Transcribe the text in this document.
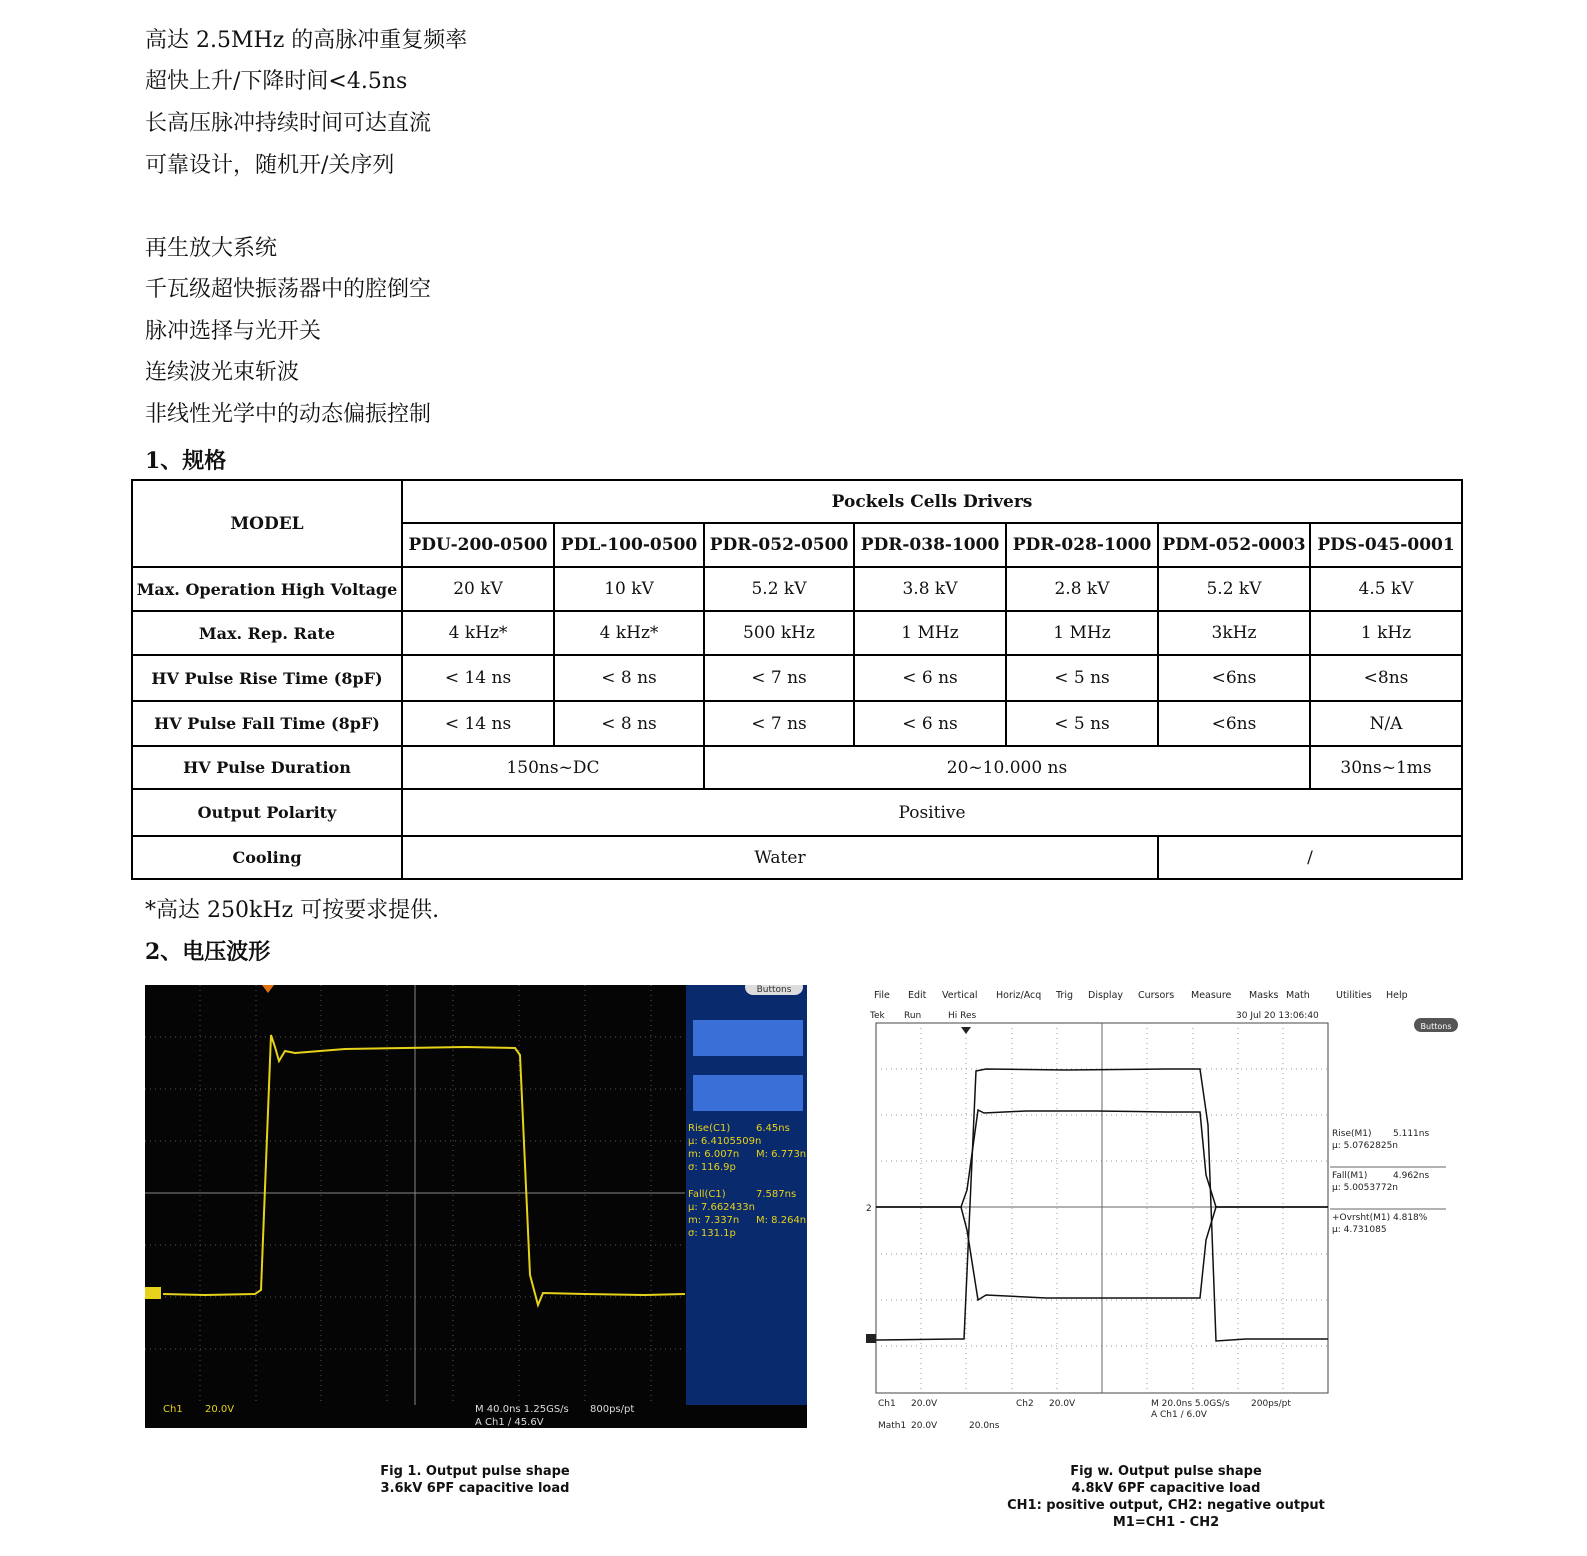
高达 2.5MHz 的高脉冲重复频率
超快上升/下降时间<4.5ns
长高压脉冲持续时间可达直流
可靠设计，随机开/关序列
再生放大系统
千瓦级超快振荡器中的腔倒空
脉冲选择与光开关
连续波光束斩波
非线性光学中的动态偏振控制
1、规格
MODEL	Pockels Cells Drivers						
	PDU-200-0500	PDL-100-0500	PDR-052-0500	PDR-038-1000	PDR-028-1000	PDM-052-0003	PDS-045-0001
Max. Operation High Voltage	20 kV	10 kV	5.2 kV	3.8 kV	2.8 kV	5.2 kV	4.5 kV
Max. Rep. Rate	4 kHz*	4 kHz*	500 kHz	1 MHz	1 MHz	3kHz	1 kHz
HV Pulse Rise Time (8pF)	< 14 ns	< 8 ns	< 7 ns	< 6 ns	< 5 ns	<6ns	<8ns
HV Pulse Fall Time (8pF)	< 14 ns	< 8 ns	< 7 ns	< 6 ns	< 5 ns	<6ns	N/A
HV Pulse Duration	150ns~DC		20~10.000 ns				30ns~1ms
Output Polarity	Positive						
Cooling	Water					/	
*高达 250kHz 可按要求提供.
2、电压波形
Buttons
Rise(C1)	6.45ns
μ: 6.4105509n
m: 6.007n M: 6.773n
σ: 116.9p
Fall(C1)	7.587ns
μ: 7.662433n
m: 7.337n M: 8.264n
σ: 131.1p
Ch1 20.0V	M 40.0ns 1.25GS/s 800ps/pt
A Ch1 ∕ 45.6V
Fig 1. Output pulse shape
3.6kV 6PF capacitive load
File Edit Vertical Horiz/Acq Trig Display Cursors Measure Masks Math	Utilities Help
Tek Run	Hi Res	30 Jul 20 13:06:40
Buttons
2
Rise(M1) 5.111ns
μ: 5.0762825n
Fall(M1)	4.962ns
μ: 5.0053772n
+Ovrsht(M1) 4.818%
μ: 4.731085
Ch1 20.0V	Ch2 20.0V	M 20.0ns 5.0GS/s 200ps/pt
A Ch1 ∕ 6.0V
Math1 20.0V	20.0ns
Fig w. Output pulse shape
4.8kV 6PF capacitive load
CH1: positive output, CH2: negative output
M1=CH1 - CH2
